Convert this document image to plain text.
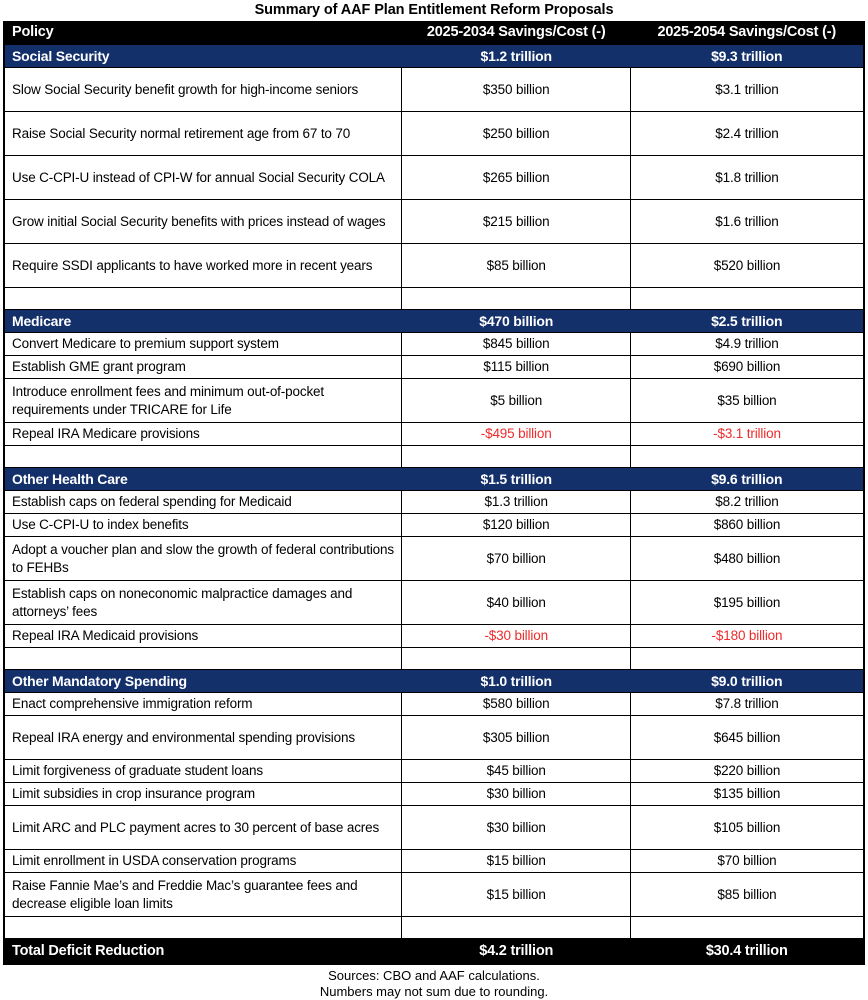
Summary of AAF Plan Entitlement Reform Proposals
Policy	2025-2034 Savings/Cost (-)	2025-2054 Savings/Cost (-)
Social Security	$1.2 trillion	$9.3 trillion
Slow Social Security benefit growth for high-income seniors	$350 billion	$3.1 trillion
Raise Social Security normal retirement age from 67 to 70	$250 billion	$2.4 trillion
Use C-CPI-U instead of CPI-W for annual Social Security COLA	$265 billion	$1.8 trillion
Grow initial Social Security benefits with prices instead of wages	$215 billion	$1.6 trillion
Require SSDI applicants to have worked more in recent years	$85 billion	$520 billion

Medicare	$470 billion	$2.5 trillion
Convert Medicare to premium support system	$845 billion	$4.9 trillion
Establish GME grant program	$115 billion	$690 billion
Introduce enrollment fees and minimum out-of-pocket requirements under TRICARE for Life	$5 billion	$35 billion
Repeal IRA Medicare provisions	-$495 billion	-$3.1 trillion

Other Health Care	$1.5 trillion	$9.6 trillion
Establish caps on federal spending for Medicaid	$1.3 trillion	$8.2 trillion
Use C-CPI-U to index benefits	$120 billion	$860 billion
Adopt a voucher plan and slow the growth of federal contributions to FEHBs	$70 billion	$480 billion
Establish caps on noneconomic malpractice damages and attorneys’ fees	$40 billion	$195 billion
Repeal IRA Medicaid provisions	-$30 billion	-$180 billion

Other Mandatory Spending	$1.0 trillion	$9.0 trillion
Enact comprehensive immigration reform	$580 billion	$7.8 trillion
Repeal IRA energy and environmental spending provisions	$305 billion	$645 billion
Limit forgiveness of graduate student loans	$45 billion	$220 billion
Limit subsidies in crop insurance program	$30 billion	$135 billion
Limit ARC and PLC payment acres to 30 percent of base acres	$30 billion	$105 billion
Limit enrollment in USDA conservation programs	$15 billion	$70 billion
Raise Fannie Mae’s and Freddie Mac’s guarantee fees and decrease eligible loan limits	$15 billion	$85 billion

Total Deficit Reduction	$4.2 trillion	$30.4 trillion
Sources: CBO and AAF calculations.
Numbers may not sum due to rounding.
